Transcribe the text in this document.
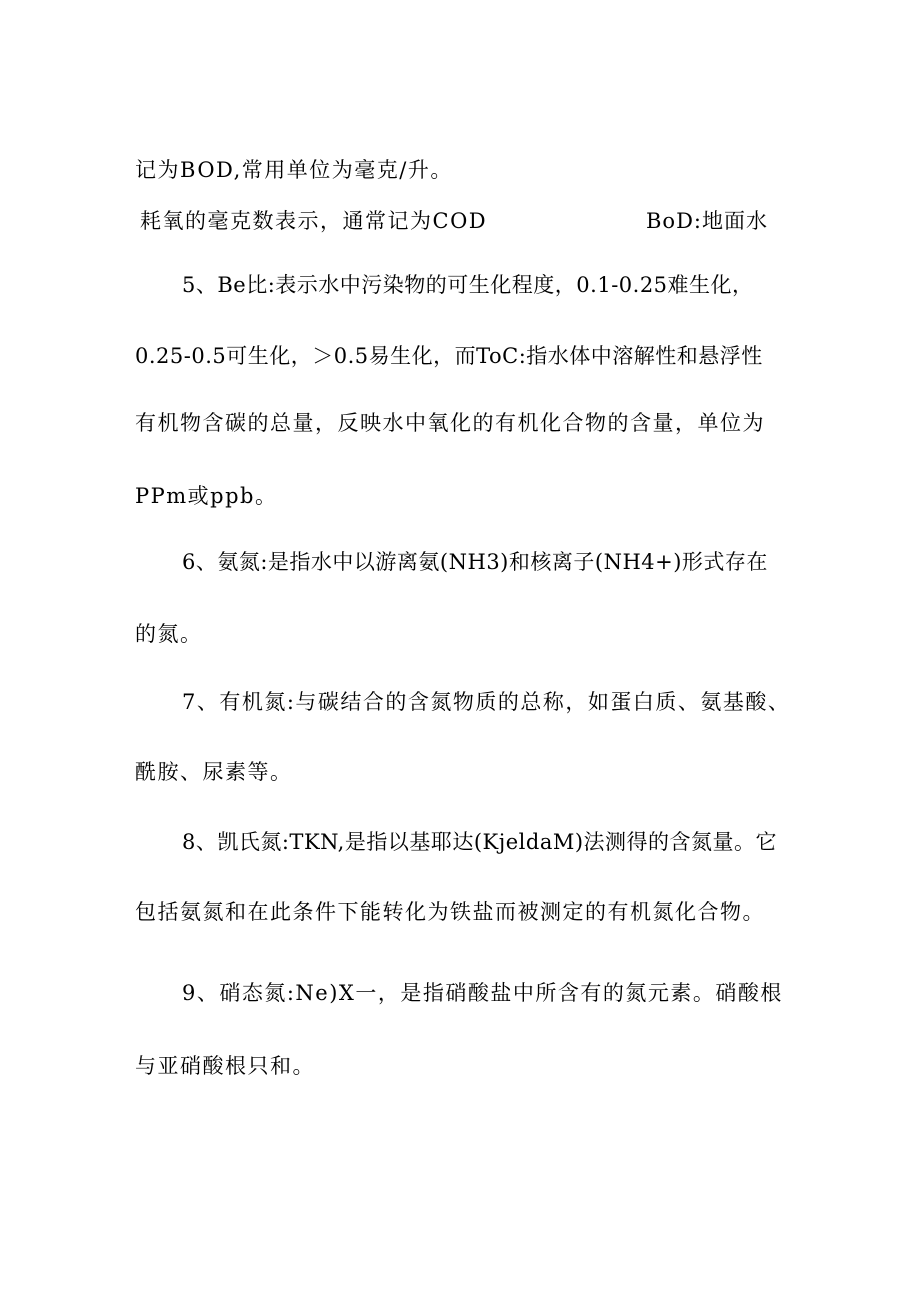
记为BOD,常用单位为毫克/升。
耗氧的毫克数表示，通常记为COD	BoD:地面水
5、Be比:表示水中污染物的可生化程度，0.1-0.25难生化，
0.25-0.5可生化，＞0.5易生化，而ToC:指水体中溶解性和悬浮性
有机物含碳的总量，反映水中氧化的有机化合物的含量，单位为
PPm或ppb。
6、氨氮:是指水中以游离氨(NH3)和核离子(NH4+)形式存在
的氮。
7、有机氮:与碳结合的含氮物质的总称，如蛋白质、氨基酸、
酰胺、尿素等。
8、凯氏氮:TKN,是指以基耶达(KjeldaM)法测得的含氮量。它
包括氨氮和在此条件下能转化为铁盐而被测定的有机氮化合物。
9、硝态氮:Ne)X一，是指硝酸盐中所含有的氮元素。硝酸根
与亚硝酸根只和。
